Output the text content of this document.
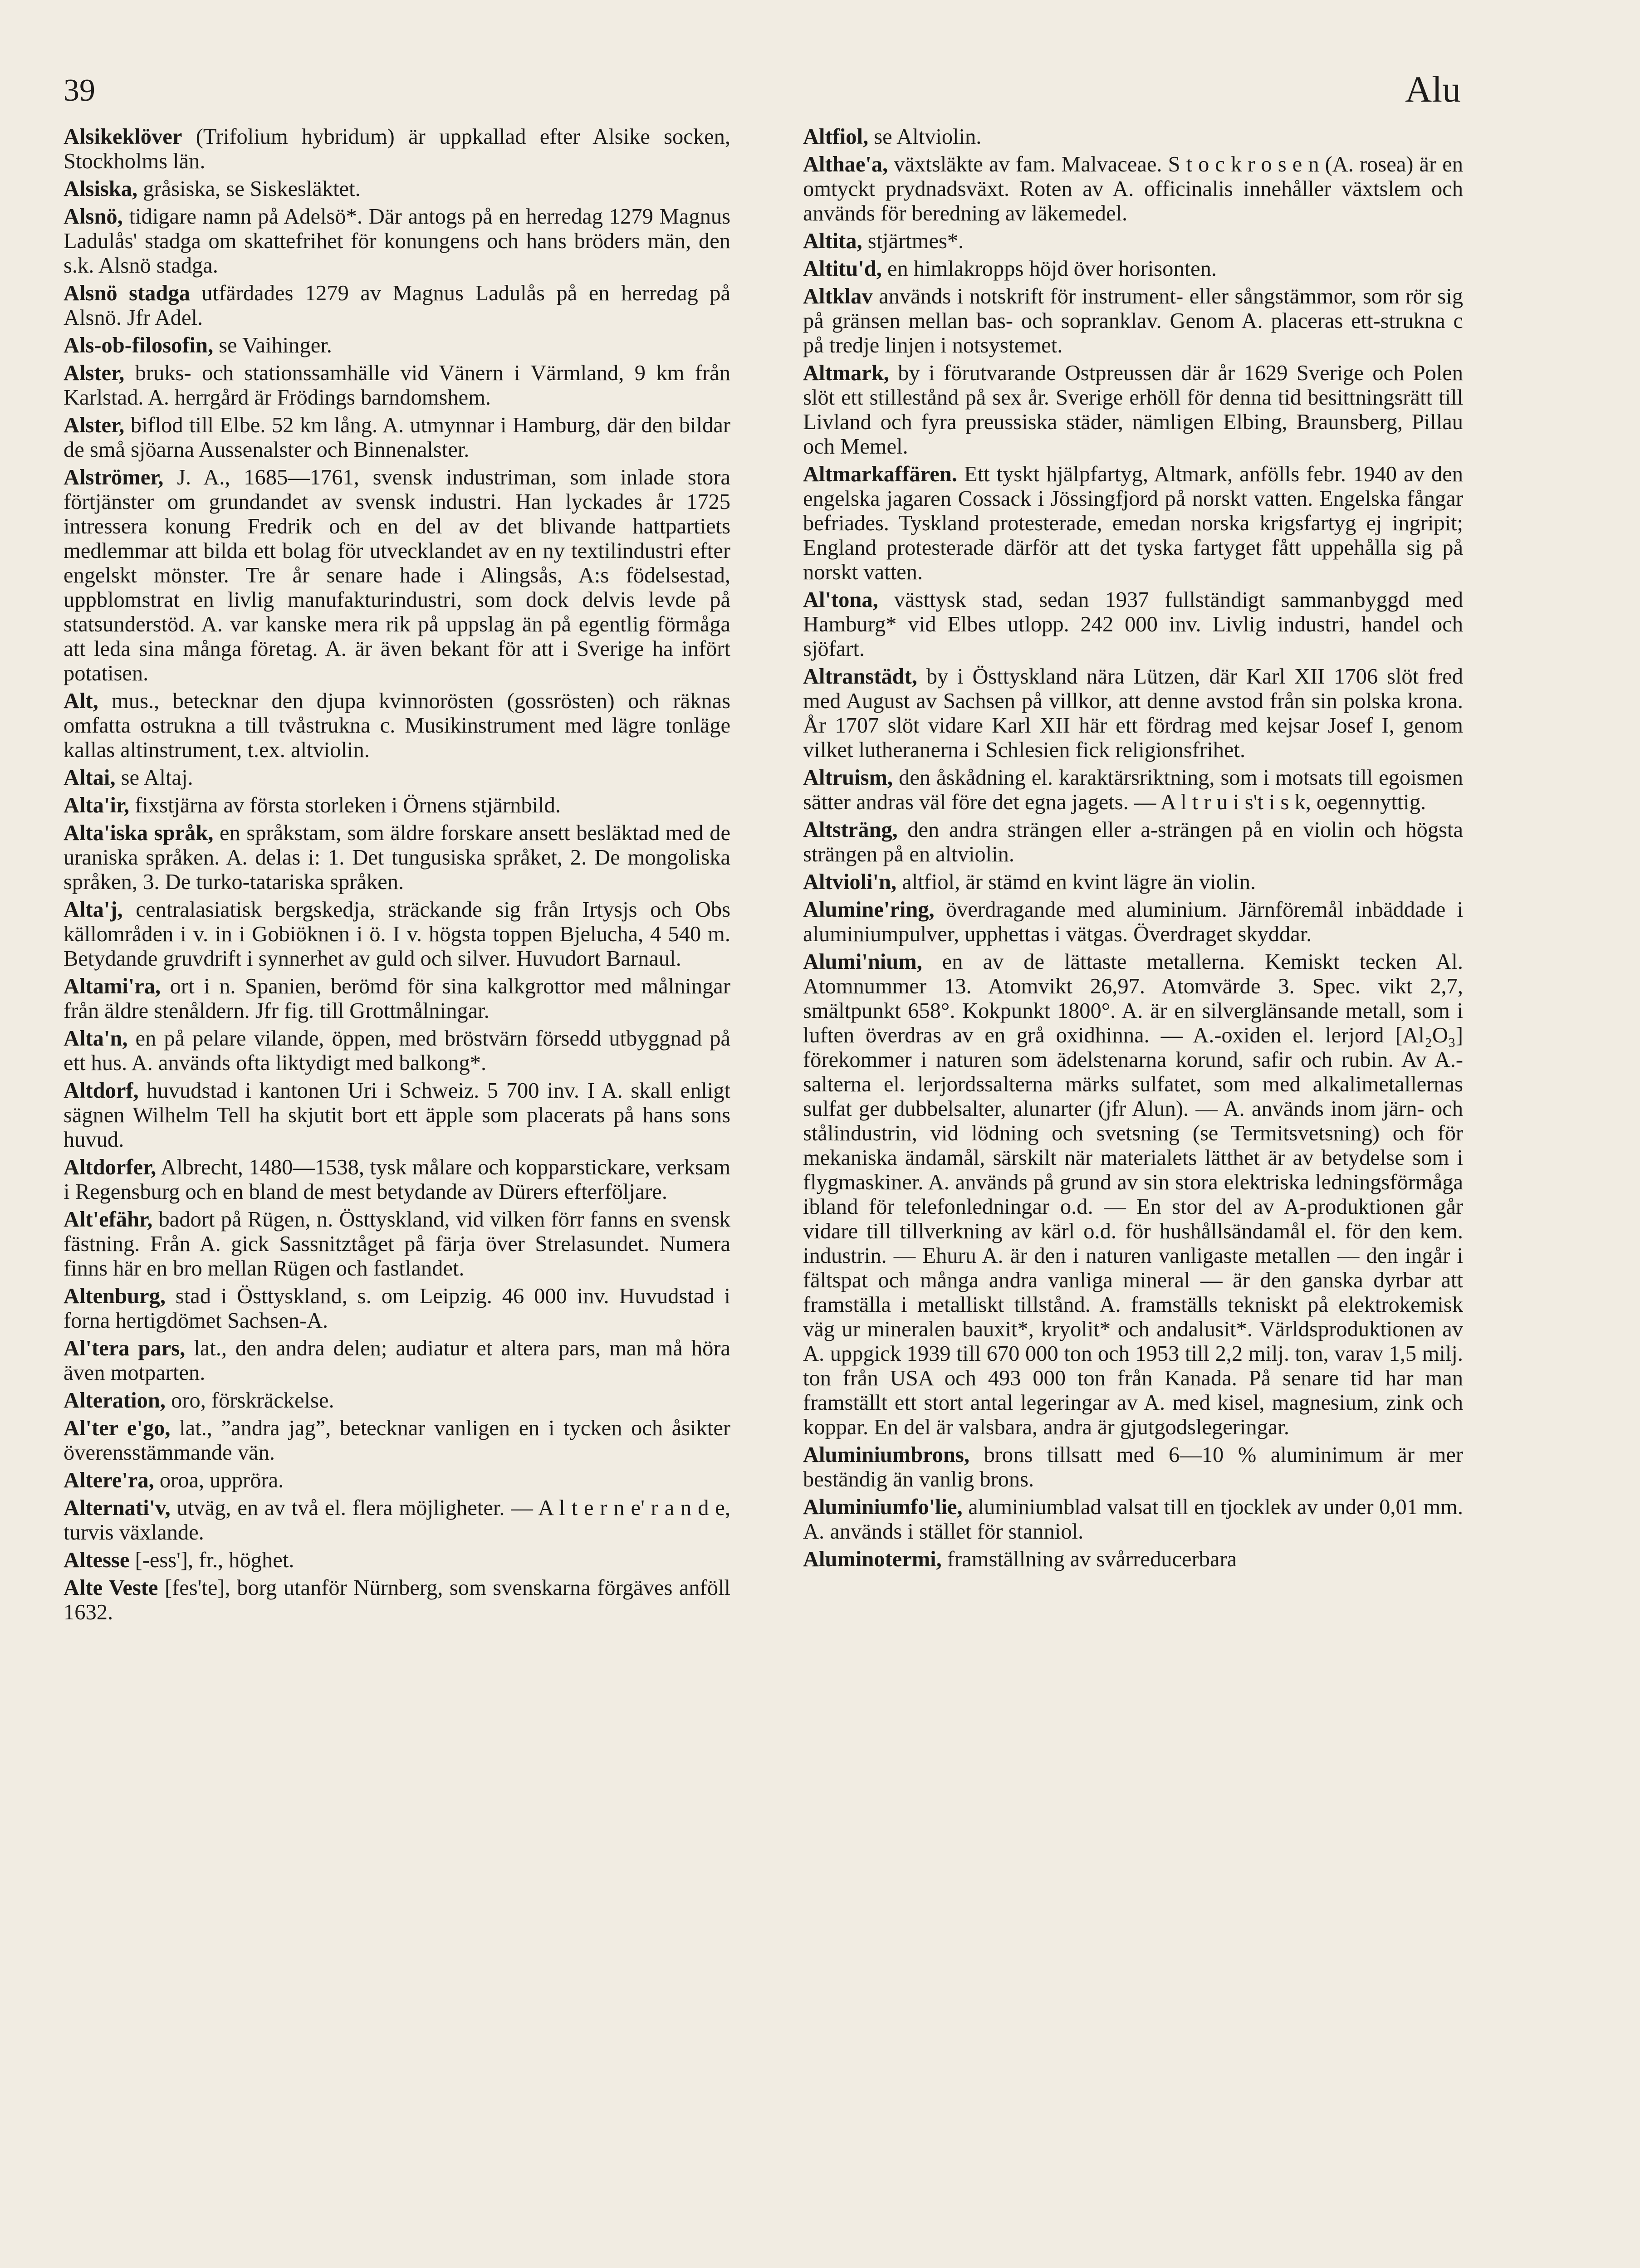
39	Alu

Alsikeklöver (Trifolium hybridum) är uppkallad efter Alsike socken, Stockholms län.

Alsiska, gråsiska, se Siskesläktet.

Alsnö, tidigare namn på Adelsö*. Där antogs på en herredag 1279 Magnus Ladulås' stadga om skattefrihet för konungens och hans bröders män, den s.k. Alsnö stadga.

Alsnö stadga utfärdades 1279 av Magnus Ladulås på en herredag på Alsnö. Jfr Adel.

Als-ob-filosofin, se Vaihinger.

Alster, bruks- och stationssamhälle vid Vänern i Värmland, 9 km från Karlstad. A. herrgård är Frödings barndomshem.

Alster, biflod till Elbe. 52 km lång. A. utmynnar i Hamburg, där den bildar de små sjöarna Aussenalster och Binnenalster.

Alströmer, J. A., 1685—1761, svensk industriman, som inlade stora förtjänster om grundandet av svensk industri. Han lyckades år 1725 intressera konung Fredrik och en del av det blivande hattpartiets medlemmar att bilda ett bolag för utvecklandet av en ny textilindustri efter engelskt mönster. Tre år senare hade i Alingsås, A:s födelsestad, uppblomstrat en livlig manufakturindustri, som dock delvis levde på statsunderstöd. A. var kanske mera rik på uppslag än på egentlig förmåga att leda sina många företag. A. är även bekant för att i Sverige ha infört potatisen.

Alt, mus., betecknar den djupa kvinnorösten (gossrösten) och räknas omfatta ostrukna a till tvåstrukna c. Musikinstrument med lägre tonläge kallas altinstrument, t.ex. altviolin.

Altai, se Altaj.

Alta'ir, fixstjärna av första storleken i Örnens stjärnbild.

Alta'iska språk, en språkstam, som äldre forskare ansett besläktad med de uraniska språken. A. delas i: 1. Det tungusiska språket, 2. De mongoliska språken, 3. De turko-tatariska språken.

Alta'j, centralasiatisk bergskedja, sträckande sig från Irtysjs och Obs källområden i v. in i Gobiöknen i ö. I v. högsta toppen Bjelucha, 4 540 m. Betydande gruvdrift i synnerhet av guld och silver. Huvudort Barnaul.

Altami'ra, ort i n. Spanien, berömd för sina kalkgrottor med målningar från äldre stenåldern. Jfr fig. till Grottmålningar.

Alta'n, en på pelare vilande, öppen, med bröstvärn försedd utbyggnad på ett hus. A. används ofta liktydigt med balkong*.

Altdorf, huvudstad i kantonen Uri i Schweiz. 5 700 inv. I A. skall enligt sägnen Wilhelm Tell ha skjutit bort ett äpple som placerats på hans sons huvud.

Altdorfer, Albrecht, 1480—1538, tysk målare och kopparstickare, verksam i Regensburg och en bland de mest betydande av Dürers efterföljare.

Alt'efähr, badort på Rügen, n. Östtyskland, vid vilken förr fanns en svensk fästning. Från A. gick Sassnitztåget på färja över Strelasundet. Numera finns här en bro mellan Rügen och fastlandet.

Altenburg, stad i Östtyskland, s. om Leipzig. 46 000 inv. Huvudstad i forna hertigdömet Sachsen-A.

Al'tera pars, lat., den andra delen; audiatur et altera pars, man må höra även motparten.

Alteration, oro, förskräckelse.

Al'ter e'go, lat., ”andra jag”, betecknar vanligen en i tycken och åsikter överensstämmande vän.

Altere'ra, oroa, uppröra.

Alternati'v, utväg, en av två el. flera möjligheter. — A l t e r n e' r a n d e, turvis växlande.

Altesse [-ess'], fr., höghet.

Alte Veste [fes'te], borg utanför Nürnberg, som svenskarna förgäves anföll 1632.

Altfiol, se Altviolin.

Althae'a, växtsläkte av fam. Malvaceae. S t o c k r o s e n (A. rosea) är en omtyckt prydnadsväxt. Roten av A. officinalis innehåller växtslem och används för beredning av läkemedel.

Altita, stjärtmes*.

Altitu'd, en himlakropps höjd över horisonten.

Altklav används i notskrift för instrument- eller sångstämmor, som rör sig på gränsen mellan bas- och sopranklav. Genom A. placeras ett-strukna c på tredje linjen i notsystemet.

Altmark, by i förutvarande Ostpreussen där år 1629 Sverige och Polen slöt ett stillestånd på sex år. Sverige erhöll för denna tid besittningsrätt till Livland och fyra preussiska städer, nämligen Elbing, Braunsberg, Pillau och Memel.

Altmarkaffären. Ett tyskt hjälpfartyg, Altmark, anfölls febr. 1940 av den engelska jagaren Cossack i Jössingfjord på norskt vatten. Engelska fångar befriades. Tyskland protesterade, emedan norska krigsfartyg ej ingripit; England protesterade därför att det tyska fartyget fått uppehålla sig på norskt vatten.

Al'tona, västtysk stad, sedan 1937 fullständigt sammanbyggd med Hamburg* vid Elbes utlopp. 242 000 inv. Livlig industri, handel och sjöfart.

Altranstädt, by i Östtyskland nära Lützen, där Karl XII 1706 slöt fred med August av Sachsen på villkor, att denne avstod från sin polska krona. År 1707 slöt vidare Karl XII här ett fördrag med kejsar Josef I, genom vilket lutheranerna i Schlesien fick religionsfrihet.

Altruism, den åskådning el. karaktärsriktning, som i motsats till egoismen sätter andras väl före det egna jagets. — A l t r u i s't i s k, oegennyttig.

Altsträng, den andra strängen eller a-strängen på en violin och högsta strängen på en altviolin.

Altvioli'n, altfiol, är stämd en kvint lägre än violin.

Alumine'ring, överdragande med aluminium. Järnföremål inbäddade i aluminiumpulver, upphettas i vätgas. Överdraget skyddar.

Alumi'nium, en av de lättaste metallerna. Kemiskt tecken Al. Atomnummer 13. Atomvikt 26,97. Atomvärde 3. Spec. vikt 2,7, smältpunkt 658°. Kokpunkt 1800°. A. är en silverglänsande metall, som i luften överdras av en grå oxidhinna. — A.-oxiden el. lerjord [Al₂O₃] förekommer i naturen som ädelstenarna korund, safir och rubin. Av A.-salterna el. lerjordssalterna märks sulfatet, som med alkalimetallernas sulfat ger dubbelsalter, alunarter (jfr Alun). — A. används inom järn- och stålindustrin, vid lödning och svetsning (se Termitsvetsning) och för mekaniska ändamål, särskilt när materialets lätthet är av betydelse som i flygmaskiner. A. används på grund av sin stora elektriska ledningsförmåga ibland för telefonledningar o.d. — En stor del av A-produktionen går vidare till tillverkning av kärl o.d. för hushållsändamål el. för den kem. industrin. — Ehuru A. är den i naturen vanligaste metallen — den ingår i fältspat och många andra vanliga mineral — är den ganska dyrbar att framställa i metalliskt tillstånd. A. framställs tekniskt på elektrokemisk väg ur mineralen bauxit*, kryolit* och andalusit*. Världsproduktionen av A. uppgick 1939 till 670 000 ton och 1953 till 2,2 milj. ton, varav 1,5 milj. ton från USA och 493 000 ton från Kanada. På senare tid har man framställt ett stort antal legeringar av A. med kisel, magnesium, zink och koppar. En del är valsbara, andra är gjutgodslegeringar.

Aluminiumbrons, brons tillsatt med 6—10 % aluminimum är mer beständig än vanlig brons.

Aluminiumfo'lie, aluminiumblad valsat till en tjocklek av under 0,01 mm. A. används i stället för stanniol.

Aluminotermi, framställning av svårreducerbara
